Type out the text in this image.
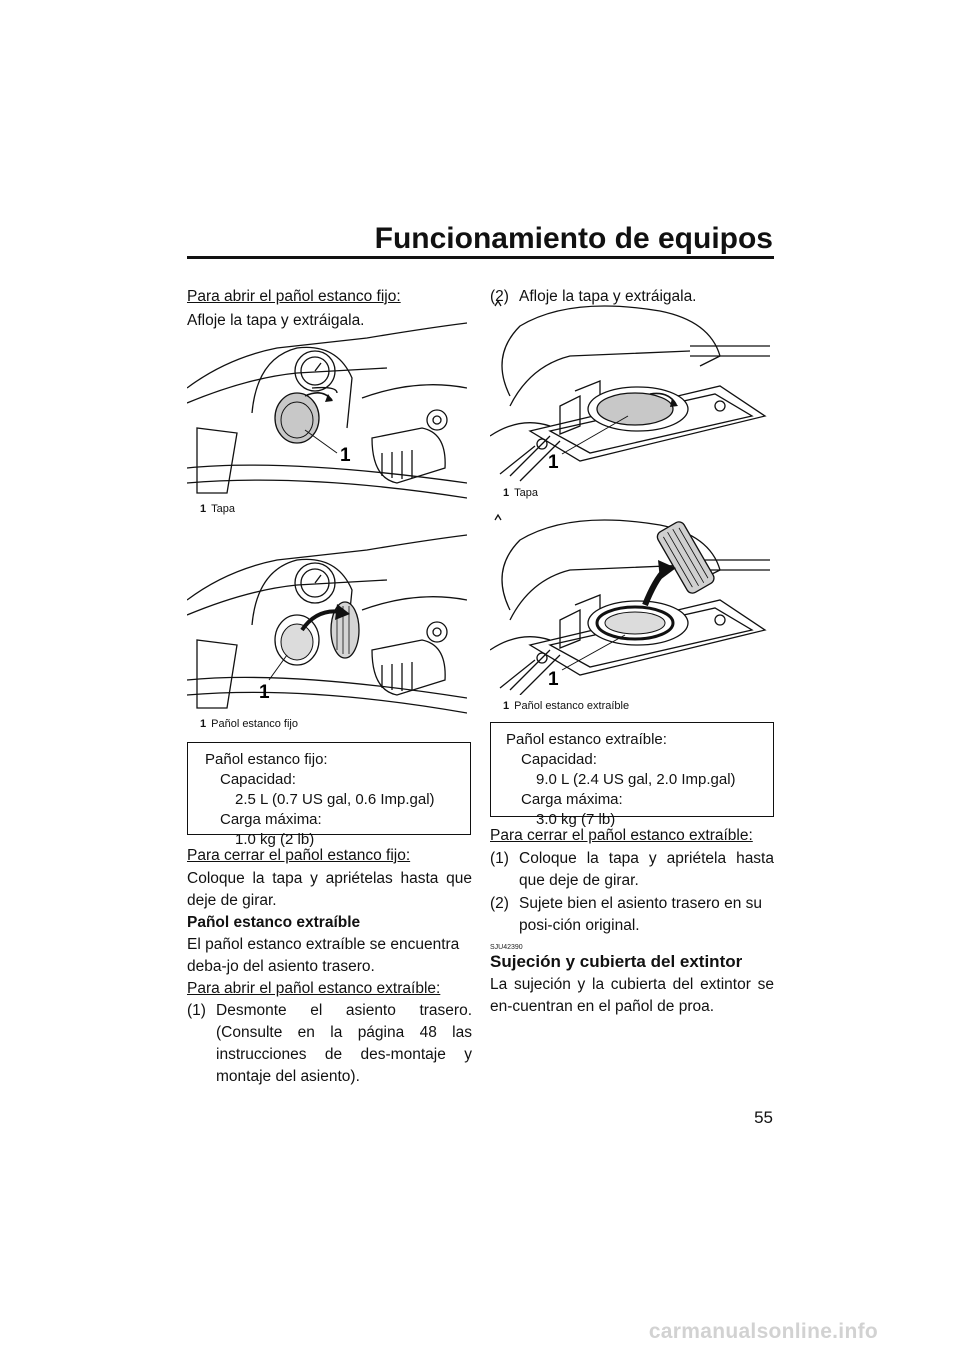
Funcionamiento de equipos

Para abrir el pañol estanco fijo:

Afloje la tapa y extráigala.

1
1 Tapa
1
1 Pañol estanco fijo
Pañol estanco fijo:
Capacidad:
2.5 L (0.7 US gal, 0.6 Imp.gal)
Carga máxima:
1.0 kg (2 lb)

Para cerrar el pañol estanco fijo:

Coloque la tapa y apriételas hasta que deje de girar.

Pañol estanco extraíble

El pañol estanco extraíble se encuentra deba-jo del asiento trasero.

Para abrir el pañol estanco extraíble:

(1) Desmonte el asiento trasero. (Consulte en la página 48 las instrucciones de des-montaje y montaje del asiento).

(2) Afloje la tapa y extráigala.

1
1 Tapa
1
1 Pañol estanco extraíble
Pañol estanco extraíble:
Capacidad:
9.0 L (2.4 US gal, 2.0 Imp.gal)
Carga máxima:
3.0 kg (7 lb)

Para cerrar el pañol estanco extraíble:

(1) Coloque la tapa y apriétela hasta que deje de girar.

(2) Sujete bien el asiento trasero en su posi-ción original.

SJU42390

Sujeción y cubierta del extintor

La sujeción y la cubierta del extintor se en-cuentran en el pañol de proa.

55
carmanualsonline.info
